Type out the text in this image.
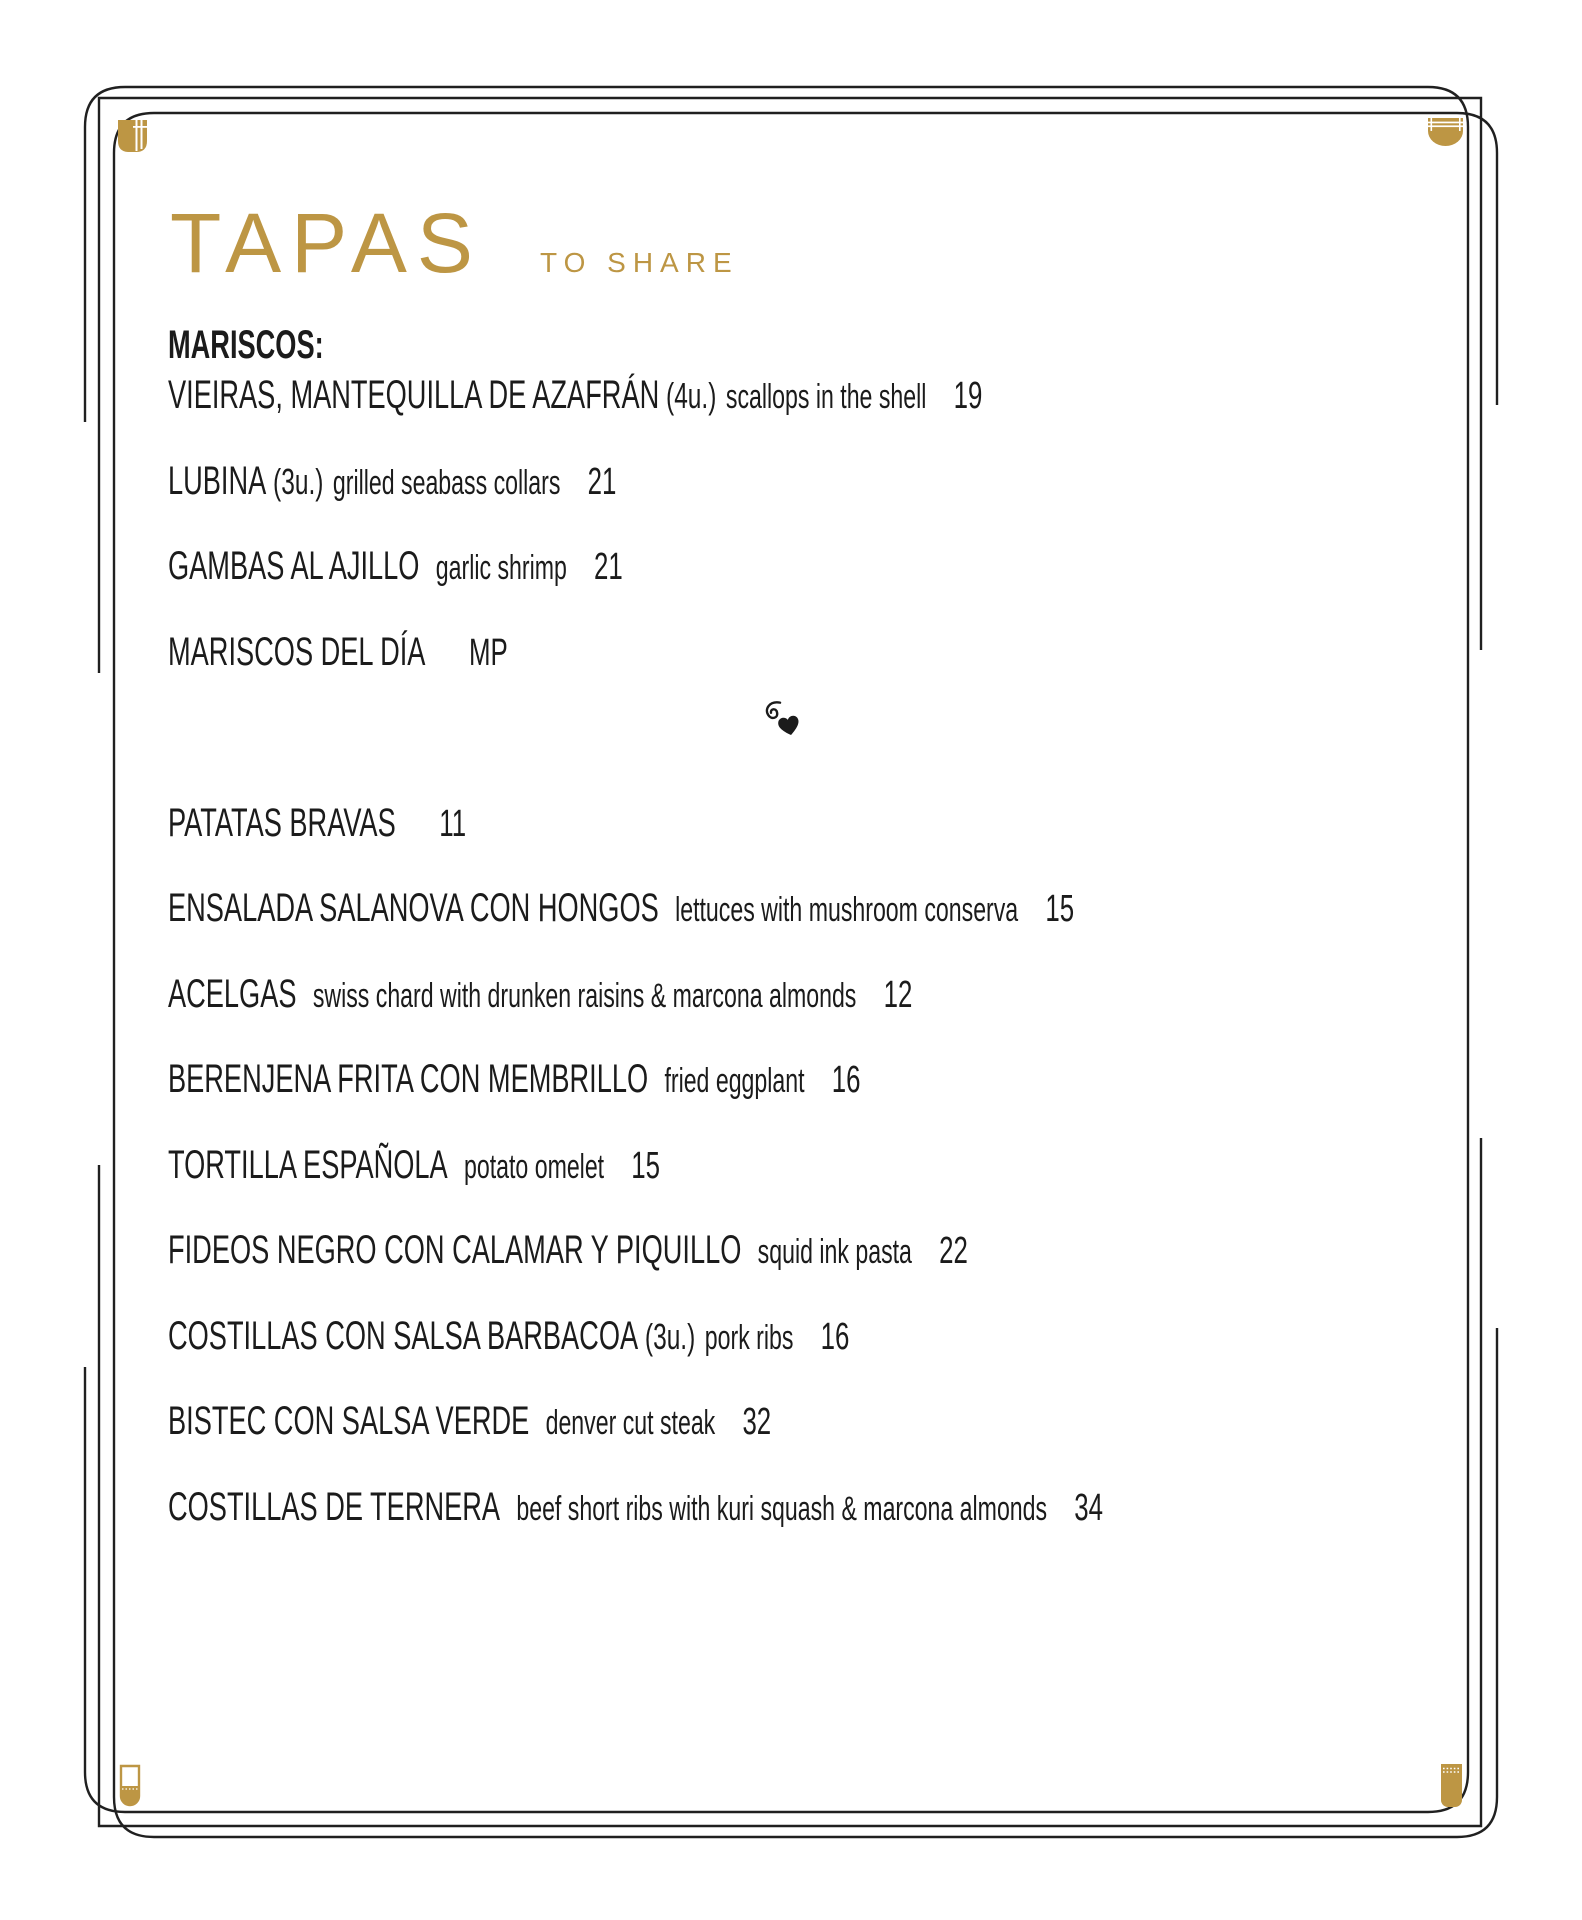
TAPAS TO SHARE
MARISCOS:
VIEIRAS, MANTEQUILLA DE AZAFRÁN (4u.) scallops in the shell 19
LUBINA (3u.) grilled seabass collars 21
GAMBAS AL AJILLO garlic shrimp 21
MARISCOS DEL DÍA MP
PATATAS BRAVAS 11
ENSALADA SALANOVA CON HONGOS lettuces with mushroom conserva 15
ACELGAS swiss chard with drunken raisins & marcona almonds 12
BERENJENA FRITA CON MEMBRILLO fried eggplant 16
TORTILLA ESPAÑOLA potato omelet 15
FIDEOS NEGRO CON CALAMAR Y PIQUILLO squid ink pasta 22
COSTILLAS CON SALSA BARBACOA (3u.) pork ribs 16
BISTEC CON SALSA VERDE denver cut steak 32
COSTILLAS DE TERNERA beef short ribs with kuri squash & marcona almonds 34
